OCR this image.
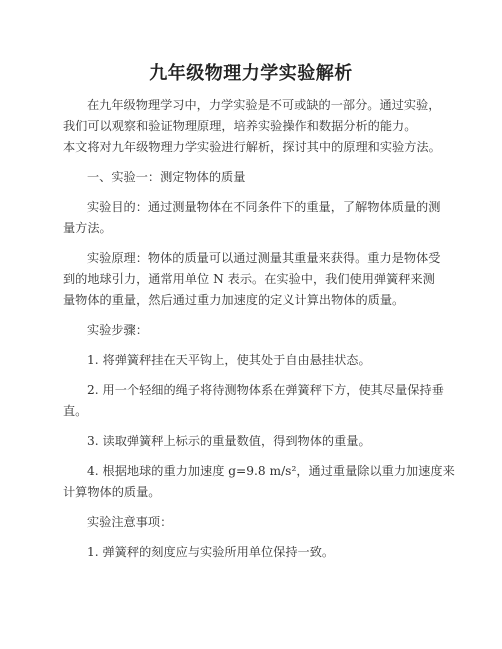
九年级物理力学实验解析
在九年级物理学习中，力学实验是不可或缺的一部分。通过实验，
我们可以观察和验证物理原理，培养实验操作和数据分析的能力。
本文将对九年级物理力学实验进行解析，探讨其中的原理和实验方法。
一、实验一：测定物体的质量
实验目的：通过测量物体在不同条件下的重量，了解物体质量的测
量方法。
实验原理：物体的质量可以通过测量其重量来获得。重力是物体受
到的地球引力，通常用单位 N 表示。在实验中，我们使用弹簧秤来测
量物体的重量，然后通过重力加速度的定义计算出物体的质量。
实验步骤：
1. 将弹簧秤挂在天平钩上，使其处于自由悬挂状态。
2. 用一个轻细的绳子将待测物体系在弹簧秤下方，使其尽量保持垂
直。
3. 读取弹簧秤上标示的重量数值，得到物体的重量。
4. 根据地球的重力加速度 g=9.8 m/s²，通过重量除以重力加速度来
计算物体的质量。
实验注意事项：
1. 弹簧秤的刻度应与实验所用单位保持一致。
